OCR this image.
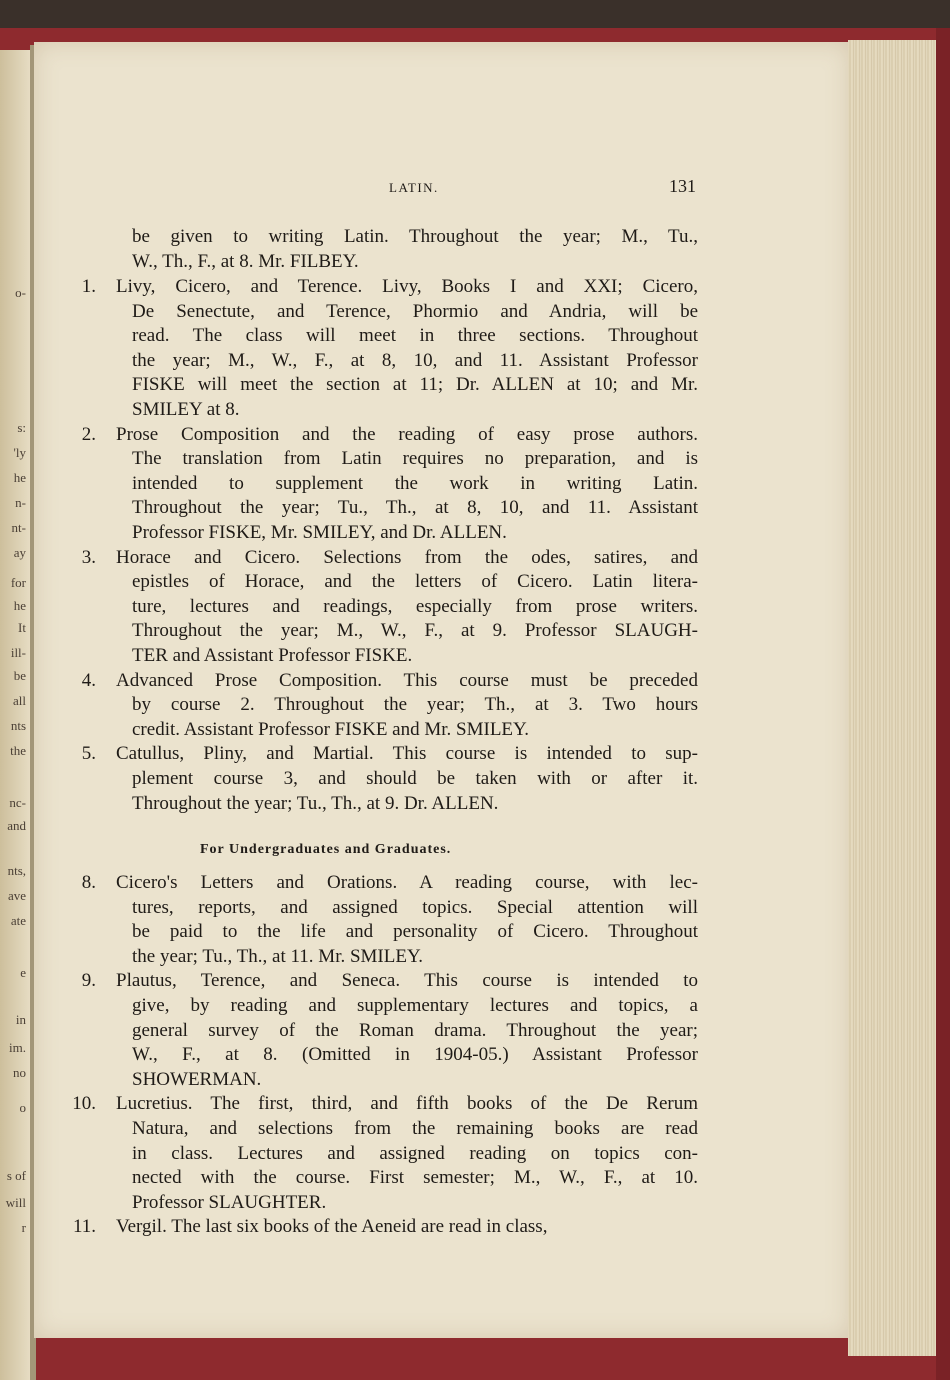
o-
s:
'ly
he
n-
nt-
ay
for
he
It
ill-
be
all
nts
the
nc-
and
nts,
ave
ate
e
in
im.
no
o
s of
will
r
LATIN.	131
be given to writing Latin. Throughout the year; M., Tu.,
W., Th., F., at 8. Mr. FILBEY.
1. Livy, Cicero, and Terence. Livy, Books I and XXI; Cicero,
De Senectute, and Terence, Phormio and Andria, will be
read. The class will meet in three sections. Throughout
the year; M., W., F., at 8, 10, and 11. Assistant Professor
FISKE will meet the section at 11; Dr. ALLEN at 10; and Mr.
SMILEY at 8.
2. Prose Composition and the reading of easy prose authors.
The translation from Latin requires no preparation, and is
intended to supplement the work in writing Latin.
Throughout the year; Tu., Th., at 8, 10, and 11. Assistant
Professor FISKE, Mr. SMILEY, and Dr. ALLEN.
3. Horace and Cicero. Selections from the odes, satires, and
epistles of Horace, and the letters of Cicero. Latin litera-
ture, lectures and readings, especially from prose writers.
Throughout the year; M., W., F., at 9. Professor SLAUGH-
TER and Assistant Professor FISKE.
4. Advanced Prose Composition. This course must be preceded
by course 2. Throughout the year; Th., at 3. Two hours
credit. Assistant Professor FISKE and Mr. SMILEY.
5. Catullus, Pliny, and Martial. This course is intended to sup-
plement course 3, and should be taken with or after it.
Throughout the year; Tu., Th., at 9. Dr. ALLEN.
8. Cicero's Letters and Orations. A reading course, with lec-
tures, reports, and assigned topics. Special attention will
be paid to the life and personality of Cicero. Throughout
the year; Tu., Th., at 11. Mr. SMILEY.
9. Plautus, Terence, and Seneca. This course is intended to
give, by reading and supplementary lectures and topics, a
general survey of the Roman drama. Throughout the year;
W., F., at 8. (Omitted in 1904-05.) Assistant Professor
SHOWERMAN.
10. Lucretius. The first, third, and fifth books of the De Rerum
Natura, and selections from the remaining books are read
in class. Lectures and assigned reading on topics con-
nected with the course. First semester; M., W., F., at 10.
Professor SLAUGHTER.
11. Vergil. The last six books of the Aeneid are read in class,
For Undergraduates and Graduates.
